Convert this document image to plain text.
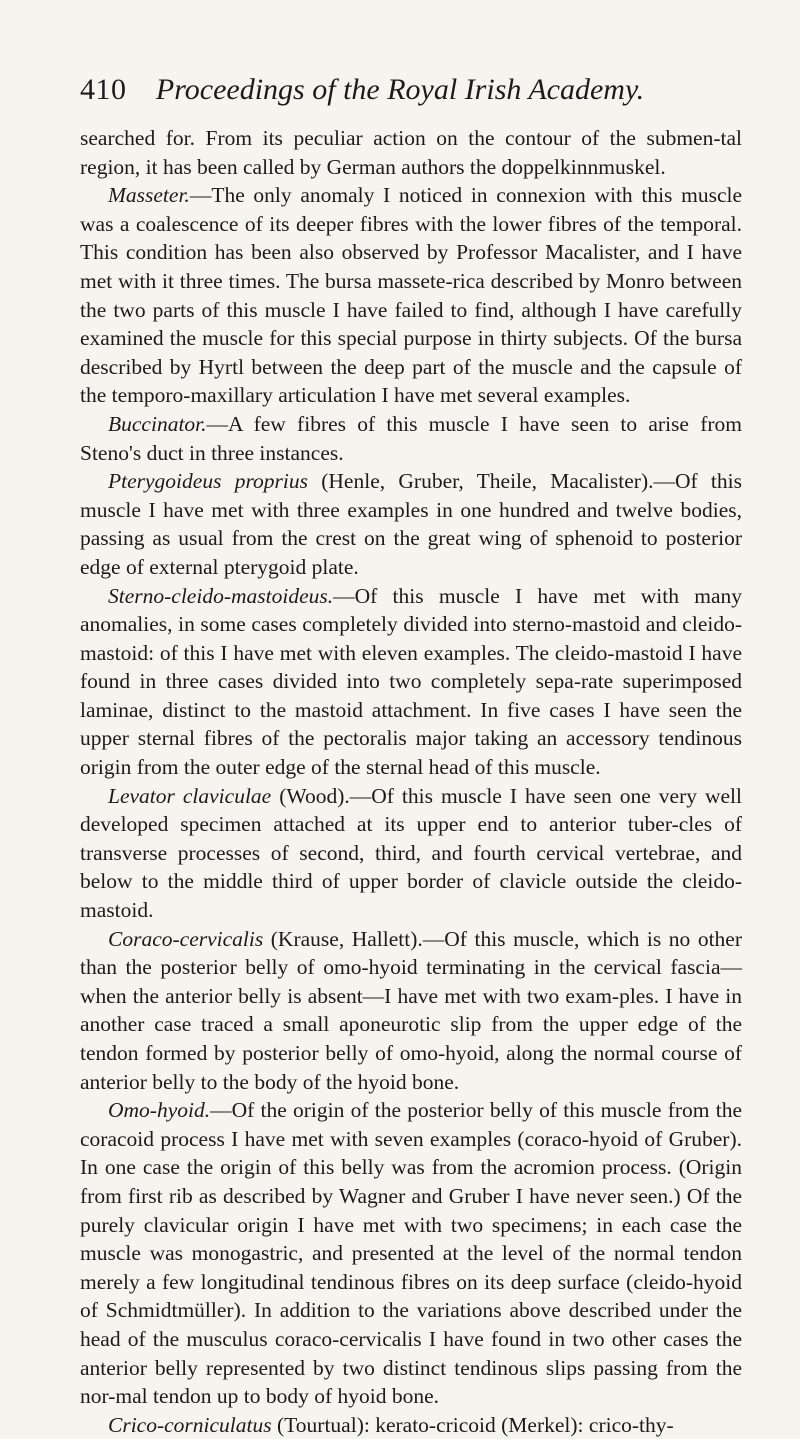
410 Proceedings of the Royal Irish Academy.

searched for. From its peculiar action on the contour of the submen-tal region, it has been called by German authors the doppelkinnmuskel.

Masseter.—The only anomaly I noticed in connexion with this muscle was a coalescence of its deeper fibres with the lower fibres of the temporal. This condition has been also observed by Professor Macalister, and I have met with it three times. The bursa massete-rica described by Monro between the two parts of this muscle I have failed to find, although I have carefully examined the muscle for this special purpose in thirty subjects. Of the bursa described by Hyrtl between the deep part of the muscle and the capsule of the temporo-maxillary articulation I have met several examples.

Buccinator.—A few fibres of this muscle I have seen to arise from Steno's duct in three instances.

Pterygoideus proprius (Henle, Gruber, Theile, Macalister).—Of this muscle I have met with three examples in one hundred and twelve bodies, passing as usual from the crest on the great wing of sphenoid to posterior edge of external pterygoid plate.

Sterno-cleido-mastoideus.—Of this muscle I have met with many anomalies, in some cases completely divided into sterno-mastoid and cleido-mastoid: of this I have met with eleven examples. The cleido-mastoid I have found in three cases divided into two completely sepa-rate superimposed laminae, distinct to the mastoid attachment. In five cases I have seen the upper sternal fibres of the pectoralis major taking an accessory tendinous origin from the outer edge of the sternal head of this muscle.

Levator claviculae (Wood).—Of this muscle I have seen one very well developed specimen attached at its upper end to anterior tuber-cles of transverse processes of second, third, and fourth cervical vertebrae, and below to the middle third of upper border of clavicle outside the cleido-mastoid.

Coraco-cervicalis (Krause, Hallett).—Of this muscle, which is no other than the posterior belly of omo-hyoid terminating in the cervical fascia—when the anterior belly is absent—I have met with two exam-ples. I have in another case traced a small aponeurotic slip from the upper edge of the tendon formed by posterior belly of omo-hyoid, along the normal course of anterior belly to the body of the hyoid bone.

Omo-hyoid.—Of the origin of the posterior belly of this muscle from the coracoid process I have met with seven examples (coraco-hyoid of Gruber). In one case the origin of this belly was from the acromion process. (Origin from first rib as described by Wagner and Gruber I have never seen.) Of the purely clavicular origin I have met with two specimens; in each case the muscle was monogastric, and presented at the level of the normal tendon merely a few longitudinal tendinous fibres on its deep surface (cleido-hyoid of Schmidtmüller). In addition to the variations above described under the head of the musculus coraco-cervicalis I have found in two other cases the anterior belly represented by two distinct tendinous slips passing from the nor-mal tendon up to body of hyoid bone.

Crico-corniculatus (Tourtual): kerato-cricoid (Merkel): crico-thy-
